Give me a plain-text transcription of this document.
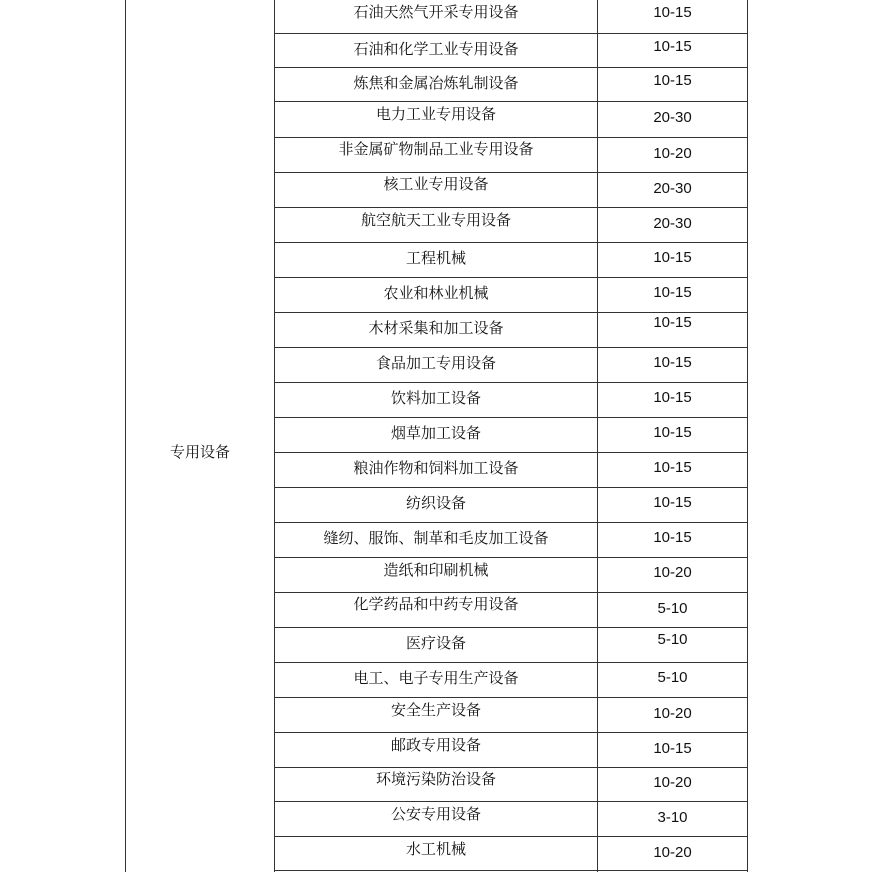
专用设备
石油天然气开采专用设备	10-15
石油和化学工业专用设备	10-15
炼焦和金属冶炼轧制设备	10-15
电力工业专用设备	20-30
非金属矿物制品工业专用设备	10-20
核工业专用设备	20-30
航空航天工业专用设备	20-30
工程机械	10-15
农业和林业机械	10-15
木材采集和加工设备	10-15
食品加工专用设备	10-15
饮料加工设备	10-15
烟草加工设备	10-15
粮油作物和饲料加工设备	10-15
纺织设备	10-15
缝纫、服饰、制革和毛皮加工设备	10-15
造纸和印刷机械	10-20
化学药品和中药专用设备	5-10
医疗设备	5-10
电工、电子专用生产设备	5-10
安全生产设备	10-20
邮政专用设备	10-15
环境污染防治设备	10-20
公安专用设备	3-10
水工机械	10-20
